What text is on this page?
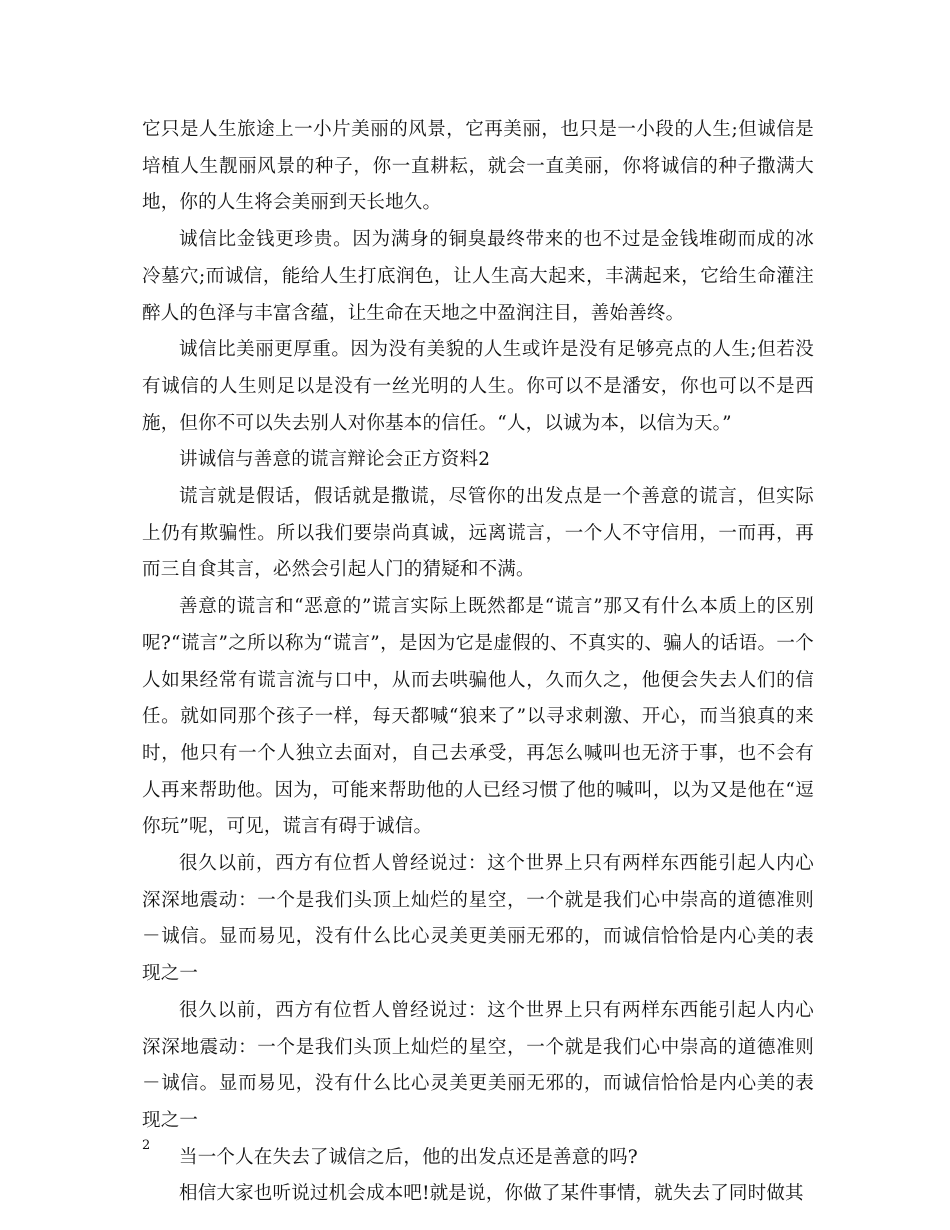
它只是人生旅途上一小片美丽的风景，它再美丽，也只是一小段的人生;但诚信是培植人生靓丽风景的种子，你一直耕耘，就会一直美丽，你将诚信的种子撒满大地，你的人生将会美丽到天长地久。

诚信比金钱更珍贵。因为满身的铜臭最终带来的也不过是金钱堆砌而成的冰冷墓穴;而诚信，能给人生打底润色，让人生高大起来，丰满起来，它给生命灌注醉人的色泽与丰富含蕴，让生命在天地之中盈润注目，善始善终。

诚信比美丽更厚重。因为没有美貌的人生或许是没有足够亮点的人生;但若没有诚信的人生则足以是没有一丝光明的人生。你可以不是潘安，你也可以不是西施，但你不可以失去别人对你基本的信任。“人，以诚为本，以信为天。”

讲诚信与善意的谎言辩论会正方资料2

谎言就是假话，假话就是撒谎，尽管你的出发点是一个善意的谎言，但实际上仍有欺骗性。所以我们要崇尚真诚，远离谎言，一个人不守信用，一而再，再而三自食其言，必然会引起人门的猜疑和不满。

善意的谎言和“恶意的”谎言实际上既然都是“谎言”那又有什么本质上的区别呢?“谎言”之所以称为“谎言”，是因为它是虚假的、不真实的、骗人的话语。一个人如果经常有谎言流与口中，从而去哄骗他人，久而久之，他便会失去人们的信任。就如同那个孩子一样，每天都喊“狼来了”以寻求刺激、开心，而当狼真的来时，他只有一个人独立去面对，自己去承受，再怎么喊叫也无济于事，也不会有人再来帮助他。因为，可能来帮助他的人已经习惯了他的喊叫，以为又是他在“逗你玩”呢，可见，谎言有碍于诚信。

很久以前，西方有位哲人曾经说过：这个世界上只有两样东西能引起人内心深深地震动：一个是我们头顶上灿烂的星空，一个就是我们心中崇高的道德准则－诚信。显而易见，没有什么比心灵美更美丽无邪的，而诚信恰恰是内心美的表现之一

很久以前，西方有位哲人曾经说过：这个世界上只有两样东西能引起人内心深深地震动：一个是我们头顶上灿烂的星空，一个就是我们心中崇高的道德准则－诚信。显而易见，没有什么比心灵美更美丽无邪的，而诚信恰恰是内心美的表现之一

当一个人在失去了诚信之后，他的出发点还是善意的吗?

相信大家也听说过机会成本吧!就是说，你做了某件事情，就失去了同时做其

2
